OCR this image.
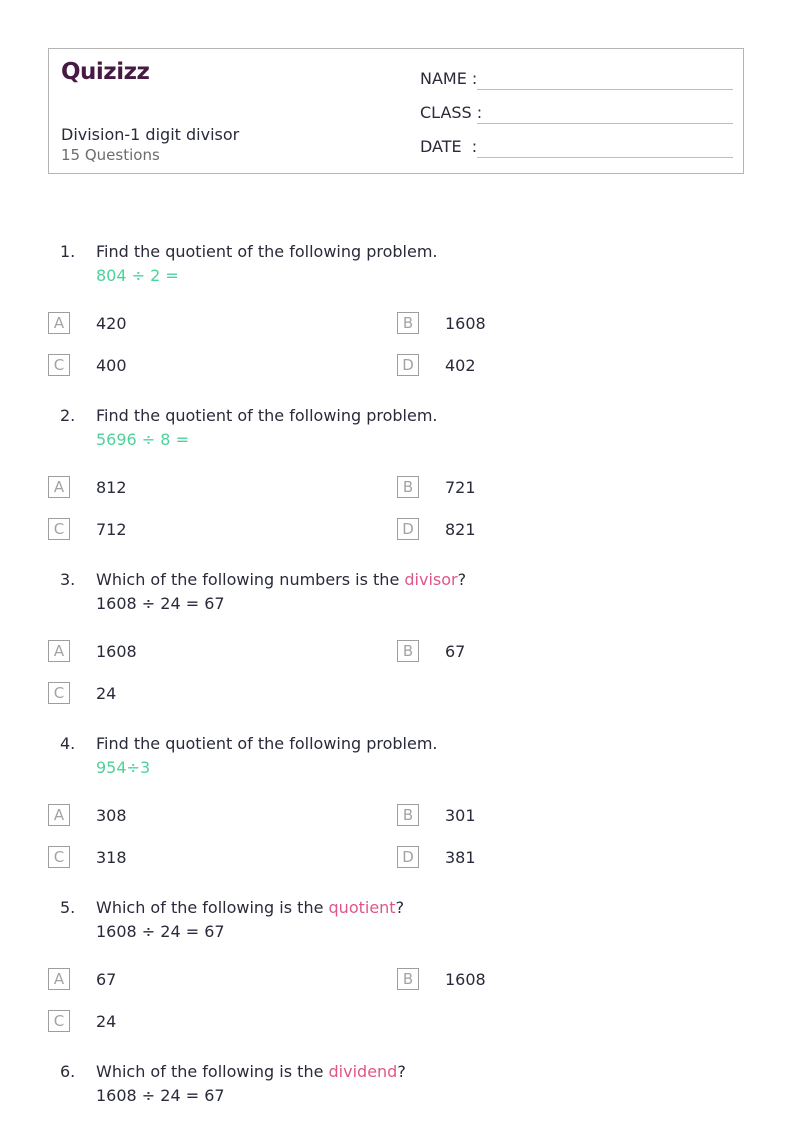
Quizizz
Division-1 digit divisor
15 Questions
NAME :
CLASS :
DATE  :
1. Find the quotient of the following problem.
804 ÷ 2 =
A	420	B	1608
C	400	D	402
2. Find the quotient of the following problem.
5696 ÷ 8 =
A	812	B	721
C	712	D	821
3. Which of the following numbers is the divisor?
1608 ÷ 24 = 67
A	1608	B	67
C	24
4. Find the quotient of the following problem.
954÷3
A	308	B	301
C	318	D	381
5. Which of the following is the quotient?
1608 ÷ 24 = 67
A	67	B	1608
C	24
6. Which of the following is the dividend?
1608 ÷ 24 = 67
